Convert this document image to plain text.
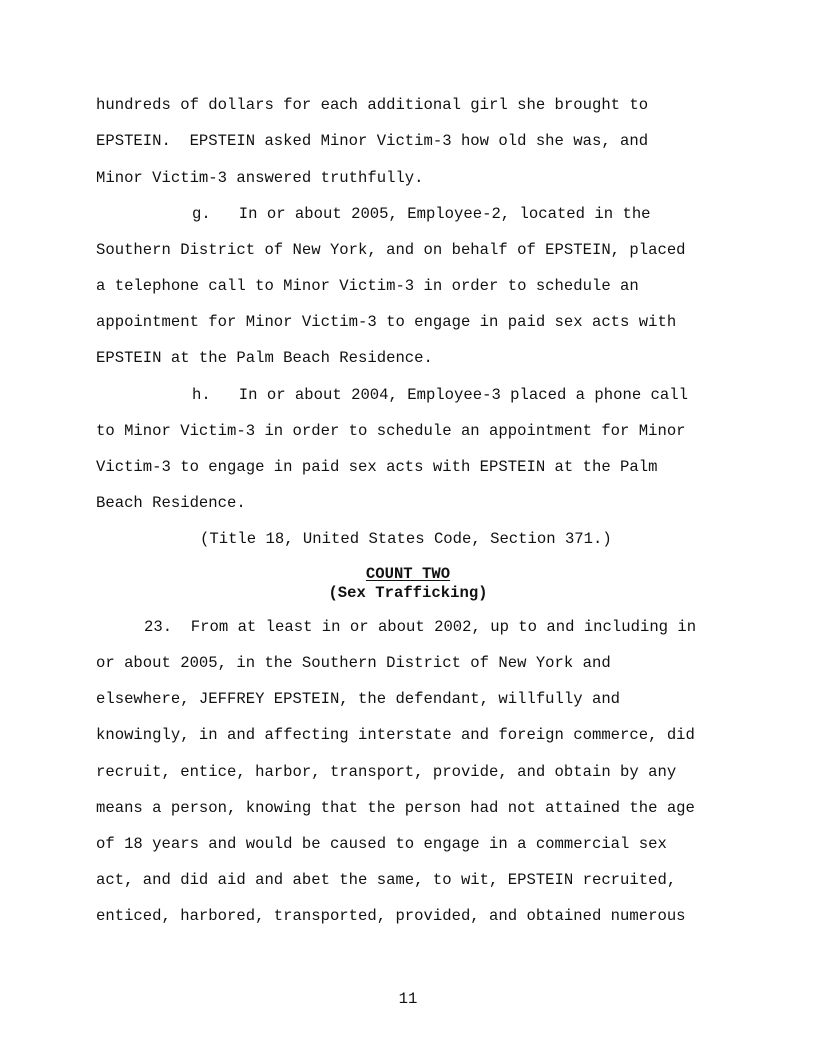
hundreds of dollars for each additional girl she brought to

EPSTEIN.  EPSTEIN asked Minor Victim-3 how old she was, and

Minor Victim-3 answered truthfully.

g.   In or about 2005, Employee-2, located in the

Southern District of New York, and on behalf of EPSTEIN, placed

a telephone call to Minor Victim-3 in order to schedule an

appointment for Minor Victim-3 to engage in paid sex acts with

EPSTEIN at the Palm Beach Residence.

h.   In or about 2004, Employee-3 placed a phone call

to Minor Victim-3 in order to schedule an appointment for Minor

Victim-3 to engage in paid sex acts with EPSTEIN at the Palm

Beach Residence.

(Title 18, United States Code, Section 371.)

COUNT TWO

(Sex Trafficking)

23.  From at least in or about 2002, up to and including in

or about 2005, in the Southern District of New York and

elsewhere, JEFFREY EPSTEIN, the defendant, willfully and

knowingly, in and affecting interstate and foreign commerce, did

recruit, entice, harbor, transport, provide, and obtain by any

means a person, knowing that the person had not attained the age

of 18 years and would be caused to engage in a commercial sex

act, and did aid and abet the same, to wit, EPSTEIN recruited,

enticed, harbored, transported, provided, and obtained numerous

11
